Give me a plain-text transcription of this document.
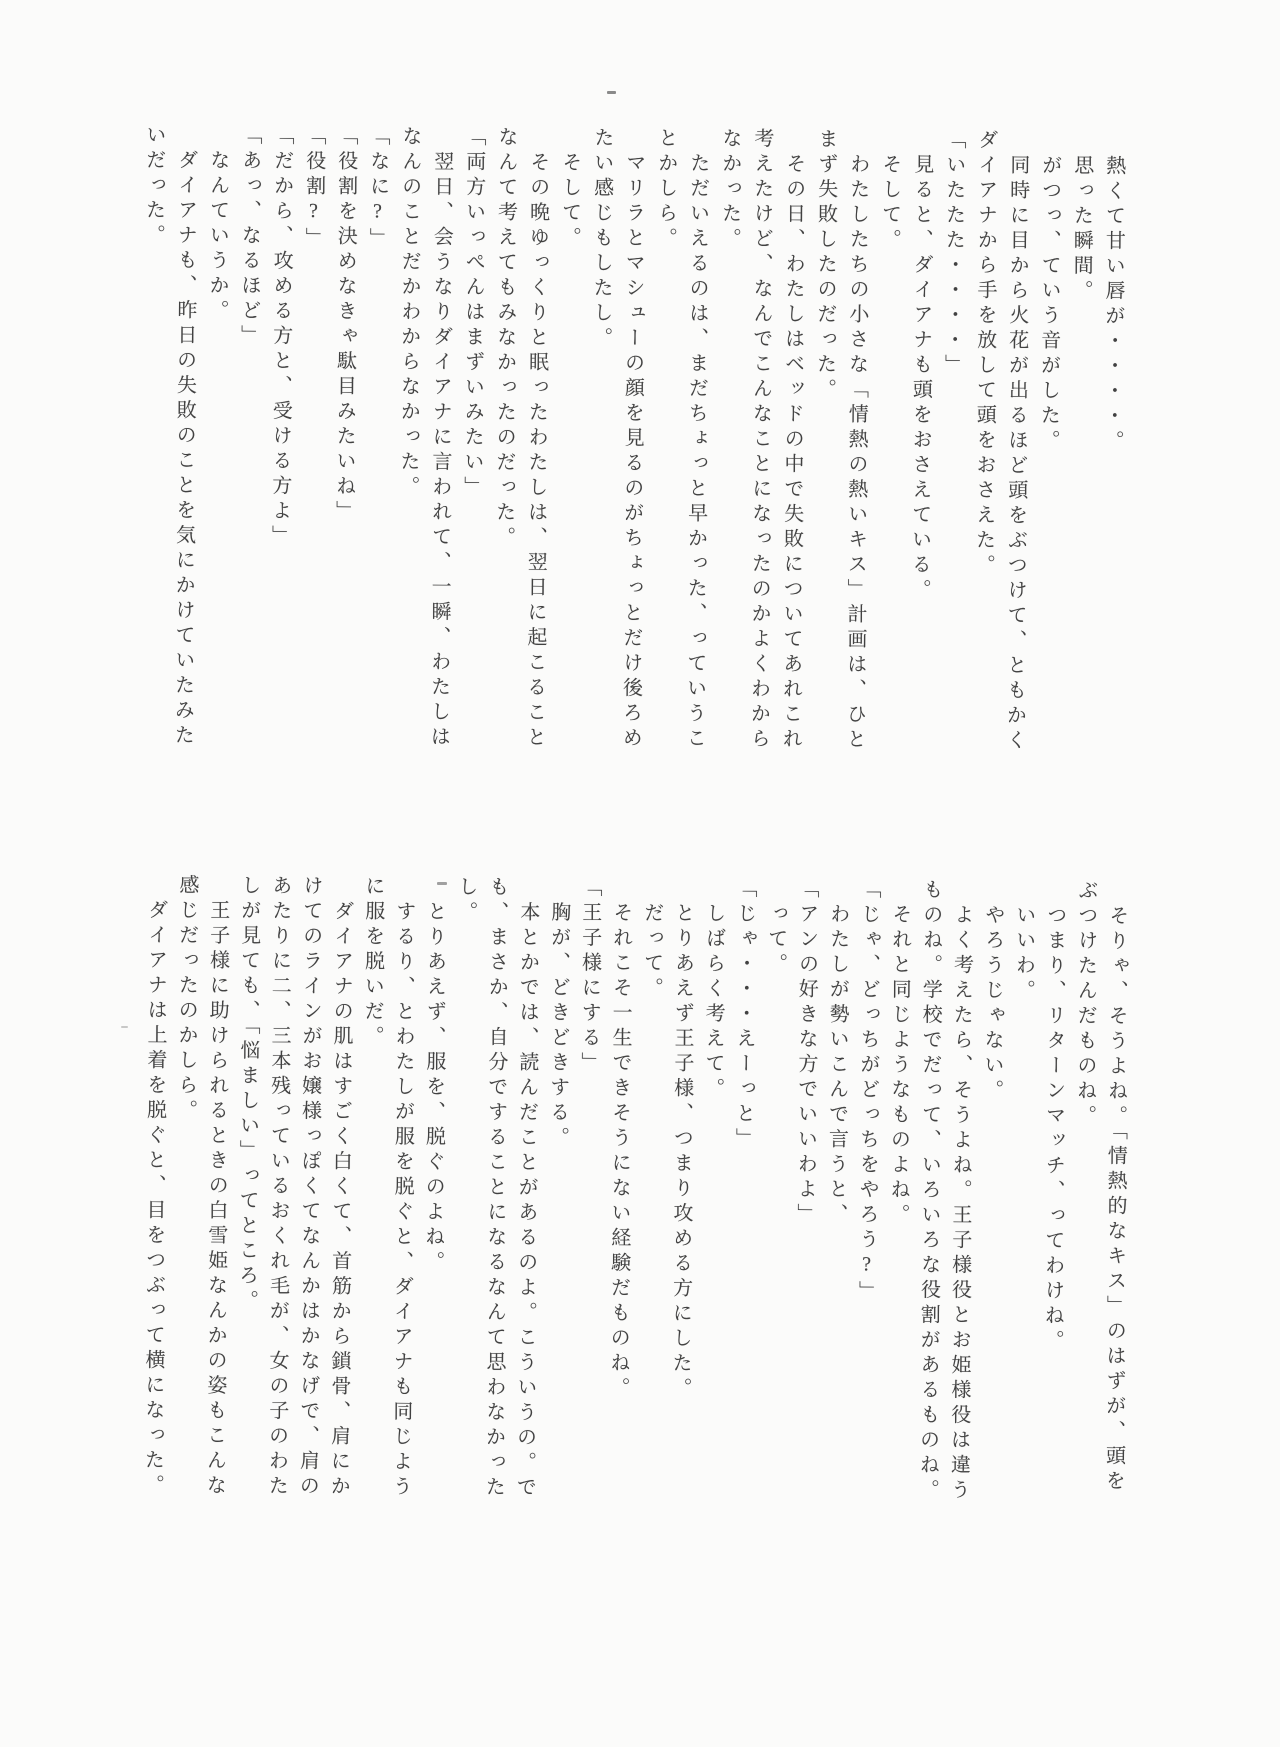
熱くて甘い唇が・・・・。

思った瞬間。

がつっ、ていう音がした。

同時に目から火花が出るほど頭をぶつけて、ともかくダイアナから手を放して頭をおさえた。

「いたたた・・・・」

見ると、ダイアナも頭をおさえている。

そして。

わたしたちの小さな「情熱の熱いキス」計画は、ひとまず失敗したのだった。

その日、わたしはベッドの中で失敗についてあれこれ考えたけど、なんでこんなことになったのかよくわからなかった。

ただいえるのは、まだちょっと早かった、っていうことかしら。

マリラとマシューの顔を見るのがちょっとだけ後ろめたい感じもしたし。

そして。

その晩ゆっくりと眠ったわたしは、翌日に起こることなんて考えてもみなかったのだった。

「両方いっぺんはまずいみたい」

翌日、会うなりダイアナに言われて、一瞬、わたしはなんのことだかわからなかった。

「なに?」

「役割を決めなきゃ駄目みたいね」

「役割?」

「だから、攻める方と、受ける方よ」

「あっ、なるほど」

なんていうか。

ダイアナも、昨日の失敗のことを気にかけていたみたいだった。

そりゃ、そうよね。「情熱的なキス」のはずが、頭をぶつけたんだものね。

つまり、リターンマッチ、ってわけね。

いいわ。

やろうじゃない。

よく考えたら、そうよね。王子様役とお姫様役は違うものね。学校でだって、いろいろな役割があるものね。

それと同じようなものよね。

「じゃ、どっちがどっちをやろう?」

わたしが勢いこんで言うと、

「アンの好きな方でいいわよ」

って。

「じゃ・・・えーっと」

しばらく考えて。

とりあえず王子様、つまり攻める方にした。

だって。

それこそ一生できそうにない経験だものね。

「王子様にする」

胸が、どきどきする。

本とかでは、読んだことがあるのよ。こういうの。でも、まさか、自分ですることになるなんて思わなかったし。

とりあえず、服を、脱ぐのよね。

するり、とわたしが服を脱ぐと、ダイアナも同じように服を脱いだ。

ダイアナの肌はすごく白くて、首筋から鎖骨、肩にかけてのラインがお嬢様っぽくてなんかはかなげで、肩のあたりに二、三本残っているおくれ毛が、女の子のわたしが見ても、「悩ましい」ってところ。

王子様に助けられるときの白雪姫なんかの姿もこんな感じだったのかしら。

ダイアナは上着を脱ぐと、目をつぶって横になった。
